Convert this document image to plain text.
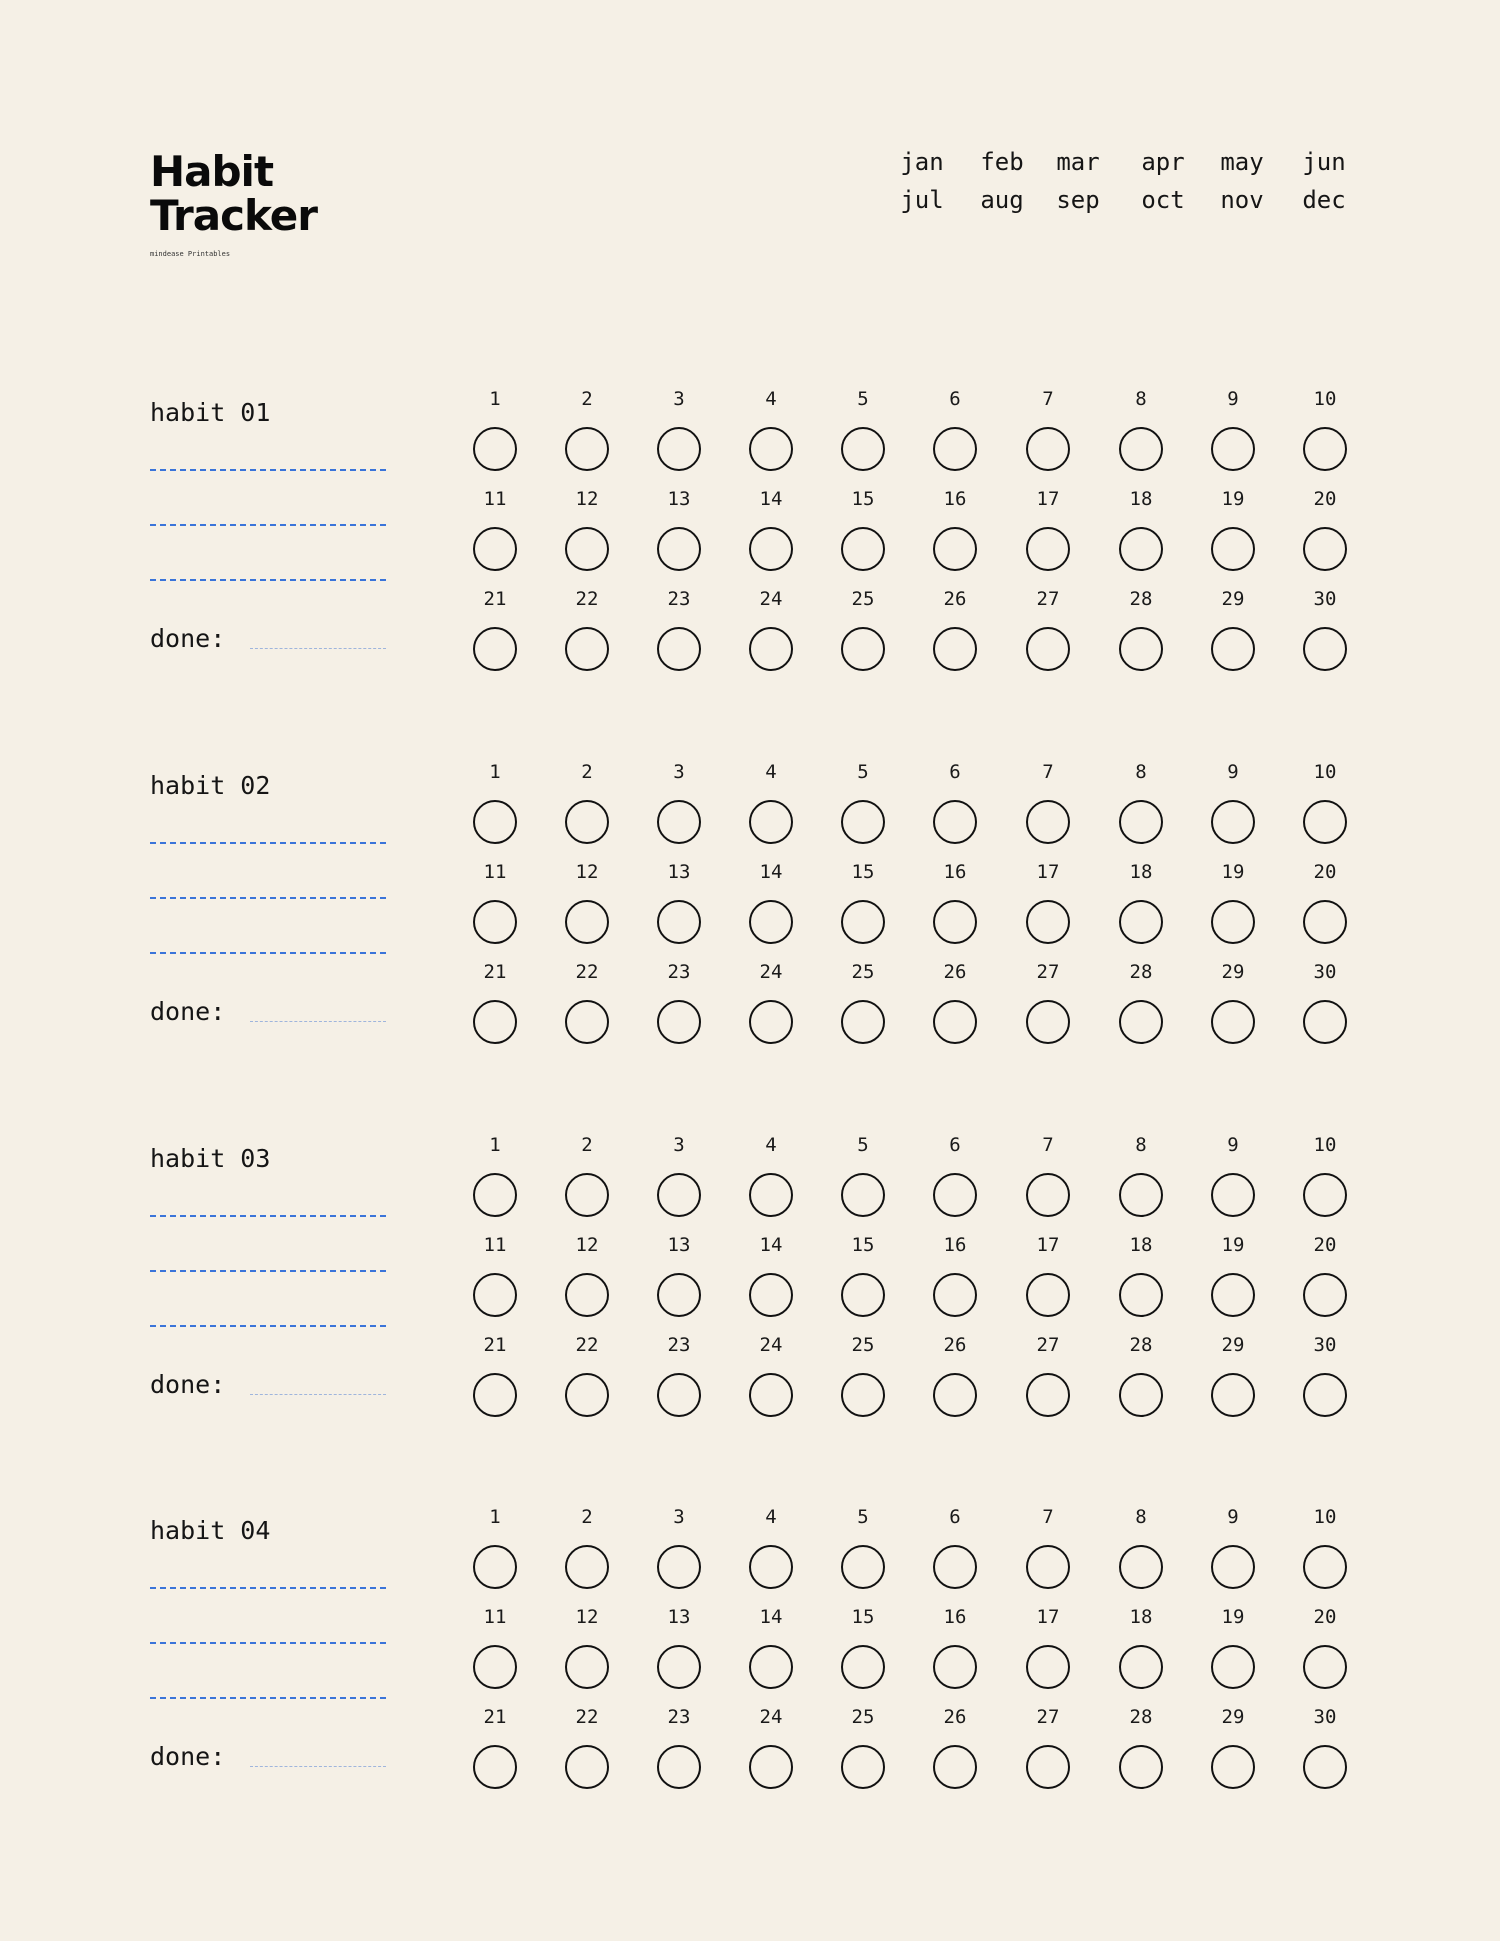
Habit
Tracker
mindease Printables
jan feb mar apr may jun
jul aug sep oct nov dec
habit 01
done:
1	2	3	4	5	6	7	8	9	10
11	12	13	14	15	16	17	18	19	20
21	22	23	24	25	26	27	28	29	30
habit 02
done:
1	2	3	4	5	6	7	8	9	10
11	12	13	14	15	16	17	18	19	20
21	22	23	24	25	26	27	28	29	30
habit 03
done:
1	2	3	4	5	6	7	8	9	10
11	12	13	14	15	16	17	18	19	20
21	22	23	24	25	26	27	28	29	30
habit 04
done:
1	2	3	4	5	6	7	8	9	10
11	12	13	14	15	16	17	18	19	20
21	22	23	24	25	26	27	28	29	30
